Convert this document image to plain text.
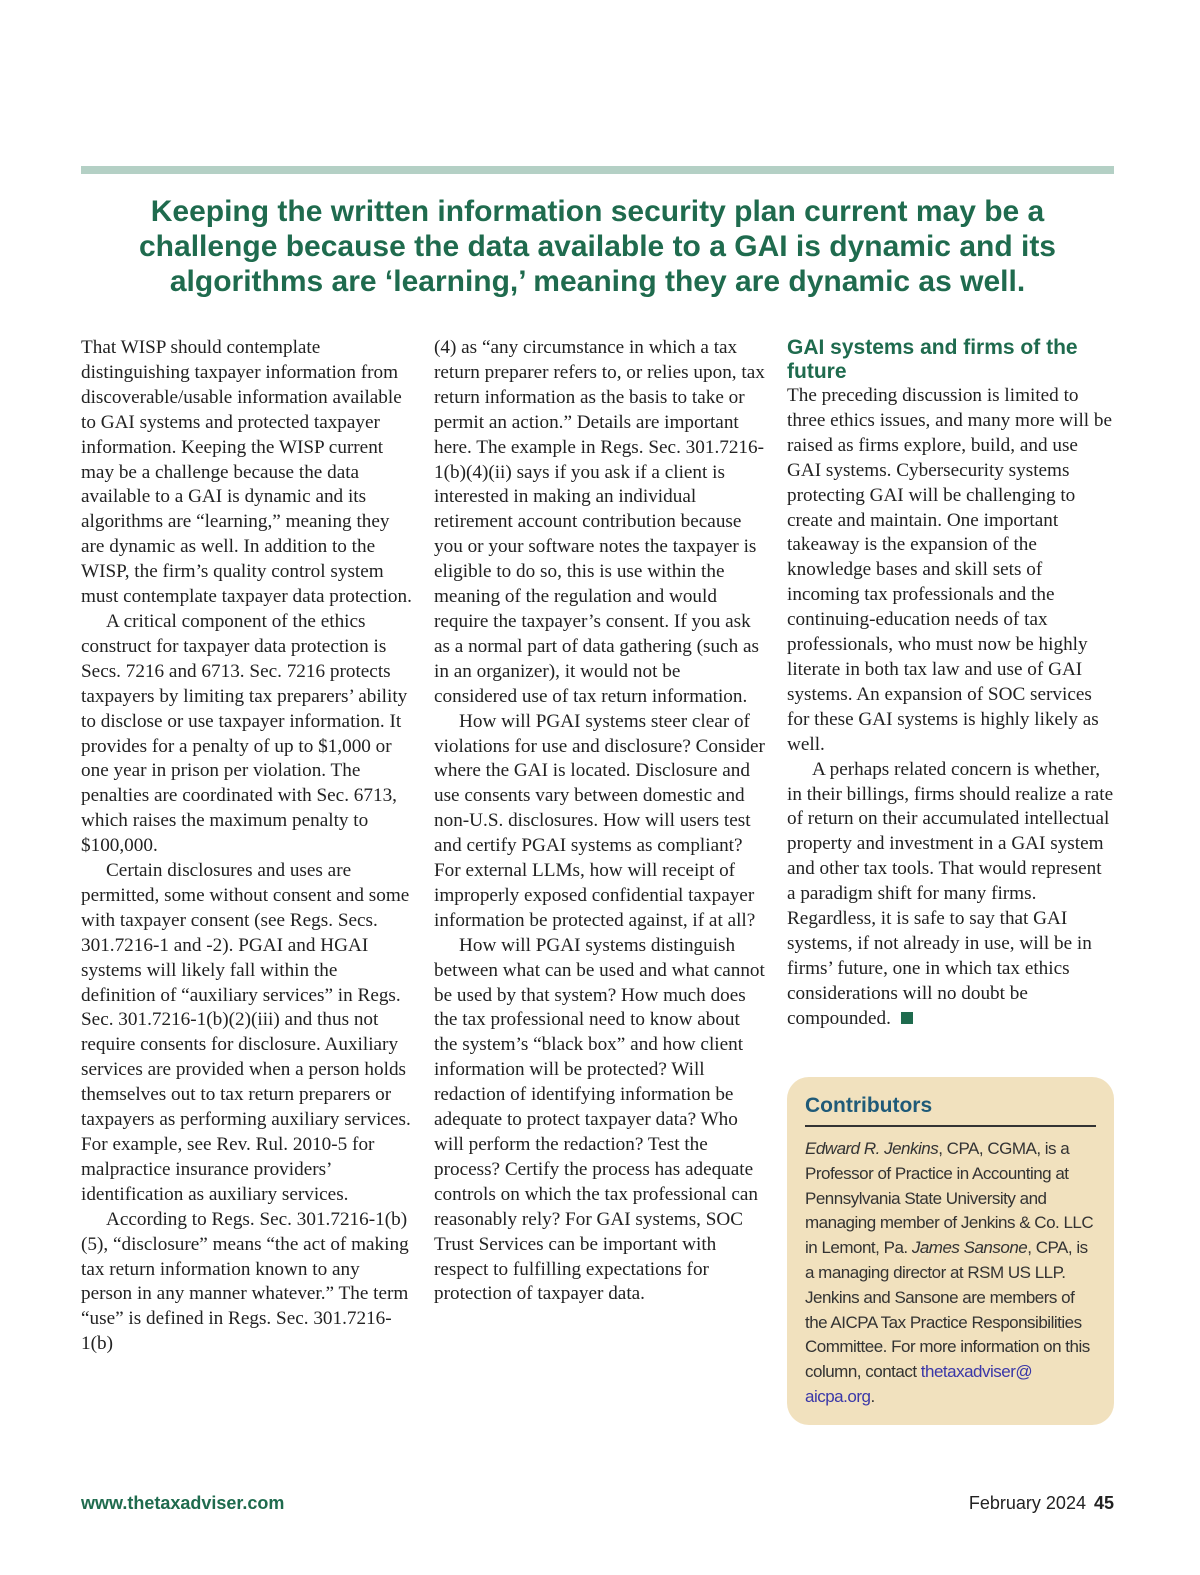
Keeping the written information security plan current may be a challenge because the data available to a GAI is dynamic and its algorithms are ‘learning,’ meaning they are dynamic as well.

That WISP should contemplate distinguishing taxpayer information from discoverable/usable information available to GAI systems and protected taxpayer information. Keeping the WISP current may be a challenge because the data available to a GAI is dynamic and its algorithms are “learning,” meaning they are dynamic as well. In addition to the WISP, the firm’s quality control system must contemplate taxpayer data protection.

A critical component of the ethics construct for taxpayer data protection is Secs. 7216 and 6713. Sec. 7216 protects taxpayers by limiting tax preparers’ ability to disclose or use taxpayer information. It provides for a penalty of up to $1,000 or one year in prison per violation. The penalties are coordinated with Sec. 6713, which raises the maximum penalty to $100,000.

Certain disclosures and uses are permitted, some without consent and some with taxpayer consent (see Regs. Secs. 301.7216-1 and -2). PGAI and HGAI systems will likely fall within the definition of “auxiliary services” in Regs. Sec. 301.7216-1(b)(2)(iii) and thus not require consents for disclosure. Auxiliary services are provided when a person holds themselves out to tax return preparers or taxpayers as performing auxiliary services. For example, see Rev. Rul. 2010-5 for malpractice insurance providers’ identification as auxiliary services.

According to Regs. Sec. 301.7216-1(b)(5), “disclosure” means “the act of making tax return information known to any person in any manner whatever.” The term “use” is defined in Regs. Sec. 301.7216-1(b)

(4) as “any circumstance in which a tax return preparer refers to, or relies upon, tax return information as the basis to take or permit an action.” Details are important here. The example in Regs. Sec. 301.7216-1(b)(4)(ii) says if you ask if a client is interested in making an individual retirement account contribution because you or your software notes the taxpayer is eligible to do so, this is use within the meaning of the regulation and would require the taxpayer’s consent. If you ask as a normal part of data gathering (such as in an organizer), it would not be considered use of tax return information.

How will PGAI systems steer clear of violations for use and disclosure? Consider where the GAI is located. Disclosure and use consents vary between domestic and non-U.S. disclosures. How will users test and certify PGAI systems as compliant? For external LLMs, how will receipt of improperly exposed confidential taxpayer information be protected against, if at all?

How will PGAI systems distinguish between what can be used and what cannot be used by that system? How much does the tax professional need to know about the system’s “black box” and how client information will be protected? Will redaction of identifying information be adequate to protect taxpayer data? Who will perform the redaction? Test the process? Certify the process has adequate controls on which the tax professional can reasonably rely? For GAI systems, SOC Trust Services can be important with respect to fulfilling expectations for protection of taxpayer data.

GAI systems and firms of the future

The preceding discussion is limited to three ethics issues, and many more will be raised as firms explore, build, and use GAI systems. Cybersecurity systems protecting GAI will be challenging to create and maintain. One important takeaway is the expansion of the knowledge bases and skill sets of incoming tax professionals and the continuing-education needs of tax professionals, who must now be highly literate in both tax law and use of GAI systems. An expansion of SOC services for these GAI systems is highly likely as well.

A perhaps related concern is whether, in their billings, firms should realize a rate of return on their accumulated intellectual property and investment in a GAI system and other tax tools. That would represent a paradigm shift for many firms. Regardless, it is safe to say that GAI systems, if not already in use, will be in firms’ future, one in which tax ethics considerations will no doubt be compounded.

Contributors

Edward R. Jenkins, CPA, CGMA, is a Professor of Practice in Accounting at Pennsylvania State University and managing member of Jenkins & Co. LLC in Lemont, Pa. James Sansone, CPA, is a managing director at RSM US LLP. Jenkins and Sansone are members of the AICPA Tax Practice Responsibilities Committee. For more information on this column, contact thetaxadviser@ aicpa.org.

www.thetaxadviser.com	February 2024 45
